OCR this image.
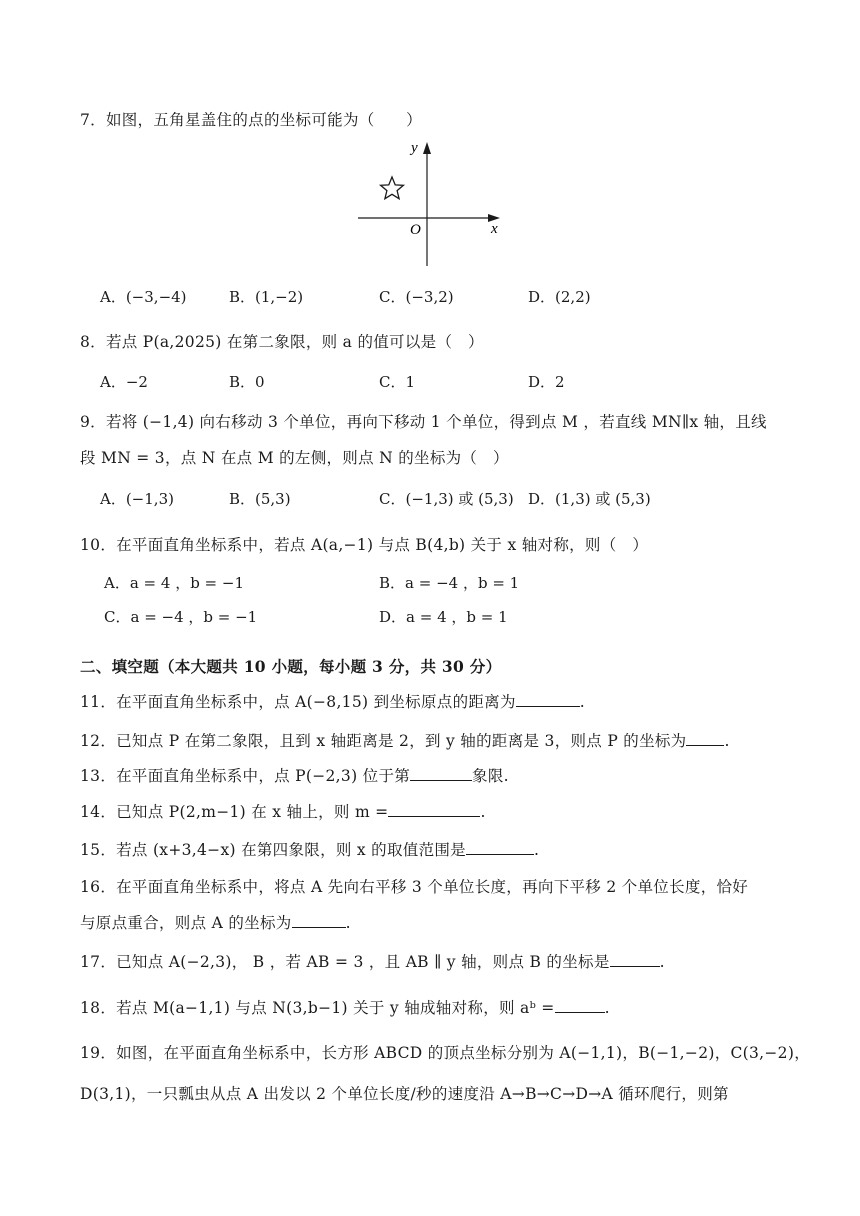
7．如图，五角星盖住的点的坐标可能为（　　）
y
x
O
A．(−3,−4)	B．(1,−2)	C．(−3,2)	D．(2,2)
8．若点 P(a,2025) 在第二象限，则 a 的值可以是（　）
A．−2	B．0	C．1	D．2
9．若将 (−1,4) 向右移动 3 个单位，再向下移动 1 个单位，得到点 M ，若直线 MN∥x 轴，且线
段 MN = 3，点 N 在点 M 的左侧，则点 N 的坐标为（　）
A．(−1,3)	B．(5,3)	C．(−1,3) 或 (5,3) D．(1,3) 或 (5,3)
10．在平面直角坐标系中，若点 A(a,−1) 与点 B(4,b) 关于 x 轴对称，则（　）
A．a = 4 ，b = −1	B．a = −4 ，b = 1
C．a = −4 ，b = −1	D．a = 4 ，b = 1
二、填空题（本大题共 10 小题，每小题 3 分，共 30 分）
11．在平面直角坐标系中，点 A(−8,15) 到坐标原点的距离为	.
12．已知点 P 在第二象限，且到 x 轴距离是 2，到 y 轴的距离是 3，则点 P 的坐标为 .
13．在平面直角坐标系中，点 P(−2,3) 位于第	象限.
14．已知点 P(2,m−1) 在 x 轴上，则 m =	.
15．若点 (x+3,4−x) 在第四象限，则 x 的取值范围是	.
16．在平面直角坐标系中，将点 A 先向右平移 3 个单位长度，再向下平移 2 个单位长度，恰好
与原点重合，则点 A 的坐标为	.
17．已知点 A(−2,3)， B ，若 AB = 3 ，且 AB ∥ y 轴，则点 B 的坐标是	.
18．若点 M(a−1,1) 与点 N(3,b−1) 关于 y 轴成轴对称，则 aᵇ =	.
19．如图，在平面直角坐标系中，长方形 ABCD 的顶点坐标分别为 A(−1,1)，B(−1,−2)，C(3,−2)，
D(3,1)，一只瓢虫从点 A 出发以 2 个单位长度/秒的速度沿 A→B→C→D→A 循环爬行，则第
